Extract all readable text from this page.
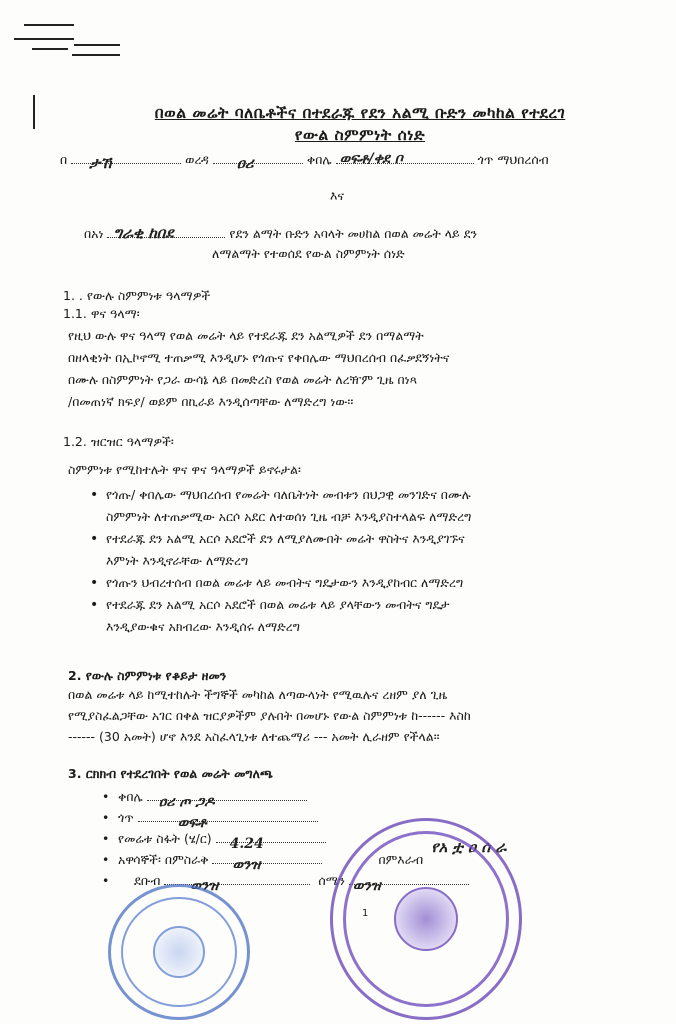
በወል መሬት ባለቤቶችና በተደራጁ የደን አልሚ ቡድን መካከል የተደረገ
የውል ስምምነት ሰነድ
በ ታኸ	ወረዳ ዐሪ	ቀበሌ ወፍቶ/ቀደ ቦ	ጎጥ ማህበረሰብ
እና
በአነ ግራቂ ከበደ	የደን ልማት ቡድን አባላት መሀከል በወል መሬት ላይ ደን
ለማልማት የተወሰደ የውል ስምምነት ሰነድ
1. . የውሉ ስምምነቱ ዓላማዎች
1.1. ዋና ዓላማ፡
የዚህ ውሉ ዋና ዓላማ የወል መሬት ላይ የተደራጁ ደን አልሚዎች ደን በማልማት
በዘላቂነት በኢኮኖሚ ተጠቃሚ እንዲሆኑ የጎጡና የቀበሌው ማህበረሰብ በፈቃደኝነትና
በሙሉ በስምምነት የጋራ ውሳኔ ላይ በመድረስ የወል መሬት ለረዥም ጊዜ በነጻ
/በመጠነኛ ክፍያ/ ወይም በኪራይ እንዲሰጣቸው ለማድረግ ነው፡፡
1.2. ዝርዝር ዓላማዎች፡
ስምምነቱ የሚከተሉት ዋና ዋና ዓላማዎች ይኖሩታል፡
• የጎጡ/ ቀበሌው ማህበረሰብ የመሬት ባለቤትነት መብቱን በህጋዊ መንገድና በሙሉ
ስምምነት ለተጠቃሚው አርሶ አደር ለተወሰነ ጊዜ ብቻ እንዲያስተላልፍ ለማድረግ
• የተደራጁ ደን አልሚ አርሶ አደሮች ደን ለሚያለሙበት መሬት ዋስትና እንዲያገኙና
እምነት እንዲኖራቸው ለማድረግ
• የጎጡን ህብረተሰብ በወል መሬቱ ላይ መብትና ግዴታውን እንዲያከብር ለማድረግ
• የተደራጁ ደን አልሚ አርሶ አደሮች በወል መሬቱ ላይ ያላቸውን መብትና ግዴታ
እንዲያውቁና አክብረው እንዲሰሩ ለማድረግ
2. የውሉ ስምምነቱ የቆይታ ዘመን
በወል መሬቱ ላይ ከሚተከሉት ችግኞች መካከል ለጣውላነት የሚዉሉና ረዘም ያለ ጊዜ
የሚያስፈልጋቸው አገር በቀል ዝርያዎችም ያሉበት በመሆኑ የውል ስምምነቱ ከ------ እስከ
------ (30 አመት) ሆኖ እንደ አስፈላጊነቱ ለተጨማሪ --- አመት ሊራዘም የችላል፡፡
3. ርክክብ የተደረገበት የወል መሬት መግለጫ
• ቀበሌ ዐሪ ጦ ጋዶ
• ጎጥ	ወፍቶ
• የመሬቱ ስፋት (ሄ/ር) 4.24
• አዋሳኞች፡ በምስራቅ ወንዝ	በምእራብ የአ ቷ ዐ ሰ ራ
• ደቡብ ወንዝ	ሰሜን ወንዝ
1
